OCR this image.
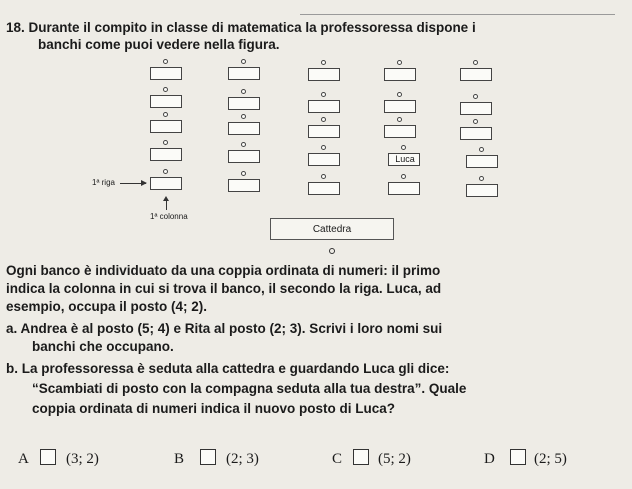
18. Durante il compito in classe di matematica la professoressa dispone i
banchi come puoi vedere nella figura.
Luca
1ª riga
1ª colonna
Cattedra
Ogni banco è individuato da una coppia ordinata di numeri: il primo
indica la colonna in cui si trova il banco, il secondo la riga. Luca, ad
esempio, occupa il posto (4; 2).
a. Andrea è al posto (5; 4) e Rita al posto (2; 3). Scrivi i loro nomi sui
banchi che occupano.
b. La professoressa è seduta alla cattedra e guardando Luca gli dice:
“Scambiati di posto con la compagna seduta alla tua destra”. Quale
coppia ordinata di numeri indica il nuovo posto di Luca?
A (3; 2)	B	(2; 3)	C (5; 2)	D	(2; 5)
